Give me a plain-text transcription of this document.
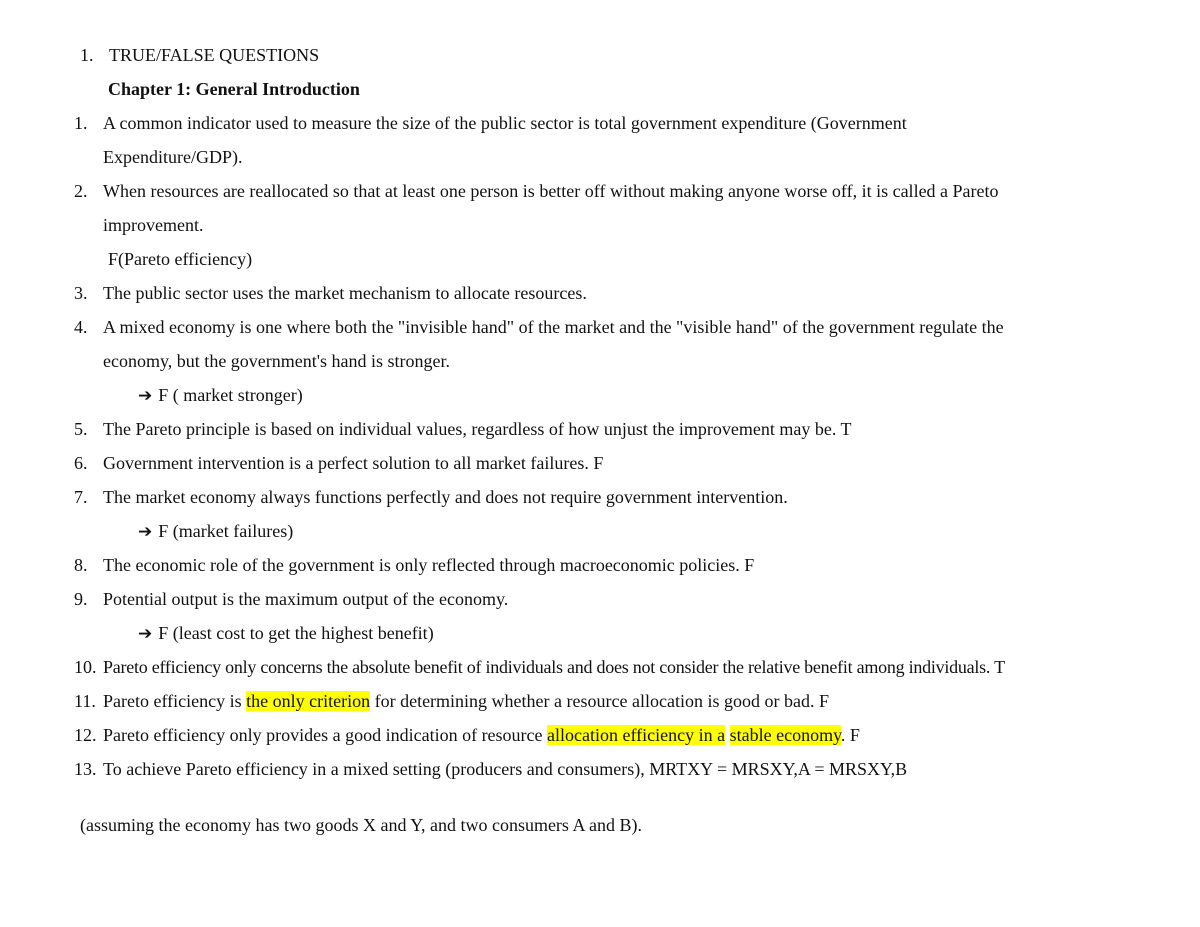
1. TRUE/FALSE QUESTIONS
Chapter 1: General Introduction
1. A common indicator used to measure the size of the public sector is total government expenditure (Government
Expenditure/GDP).
2. When resources are reallocated so that at least one person is better off without making anyone worse off, it is called a Pareto
improvement.
F(Pareto efficiency)
3. The public sector uses the market mechanism to allocate resources.
4. A mixed economy is one where both the "invisible hand" of the market and the "visible hand" of the government regulate the
economy, but the government's hand is stronger.
➔ F ( market stronger)
5. The Pareto principle is based on individual values, regardless of how unjust the improvement may be. T
6. Government intervention is a perfect solution to all market failures. F
7. The market economy always functions perfectly and does not require government intervention.
➔ F (market failures)
8. The economic role of the government is only reflected through macroeconomic policies. F
9. Potential output is the maximum output of the economy.
➔ F (least cost to get the highest benefit)
10. Pareto efficiency only concerns the absolute benefit of individuals and does not consider the relative benefit among individuals. T
11. Pareto efficiency is the only criterion for determining whether a resource allocation is good or bad. F
12. Pareto efficiency only provides a good indication of resource allocation efficiency in a stable economy. F
13. To achieve Pareto efficiency in a mixed setting (producers and consumers), MRTXY = MRSXY,A = MRSXY,B
(assuming the economy has two goods X and Y, and two consumers A and B).
